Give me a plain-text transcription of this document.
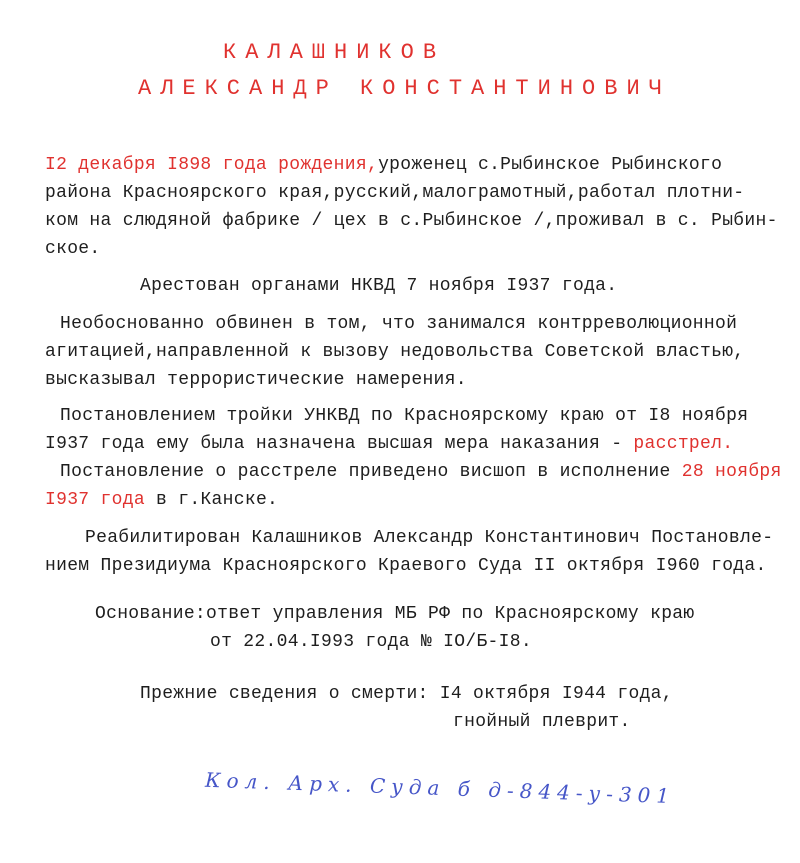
КАЛАШНИКОВ
АЛЕКСАНДР КОНСТАНТИНОВИЧ
I2 декабря I898 года рождения,уроженец с.Рыбинское Рыбинского
района Красноярского края,русский,малограмотный,работал плотни-
ком на слюдяной фабрике / цех в с.Рыбинское /,проживал в с. Рыбин-
ское.
Арестован органами НКВД 7 ноября I937 года.
Необоснованно обвинен в том, что занимался контрреволюционной
агитацией,направленной к вызову недовольства Советской властью,
высказывал террористические намерения.
Постановлением тройки УНКВД по Красноярскому краю от I8 ноября
I937 года ему была назначена высшая мера наказания - расстрел.
Постановление о расстреле приведено висшоп в исполнение 28 ноября
I937 года в г.Канске.
Реабилитирован Калашников Александр Константинович Постановле-
нием Президиума Красноярского Краевого Суда II октября I960 года.
Основание:ответ управления МБ РФ по Красноярскому краю
от 22.04.I993 года № IO/Б-I8.
Прежние сведения о смерти: I4 октября I944 года,
гнойный плеврит.
Кол. Арх. Суда б д-844-у-301
